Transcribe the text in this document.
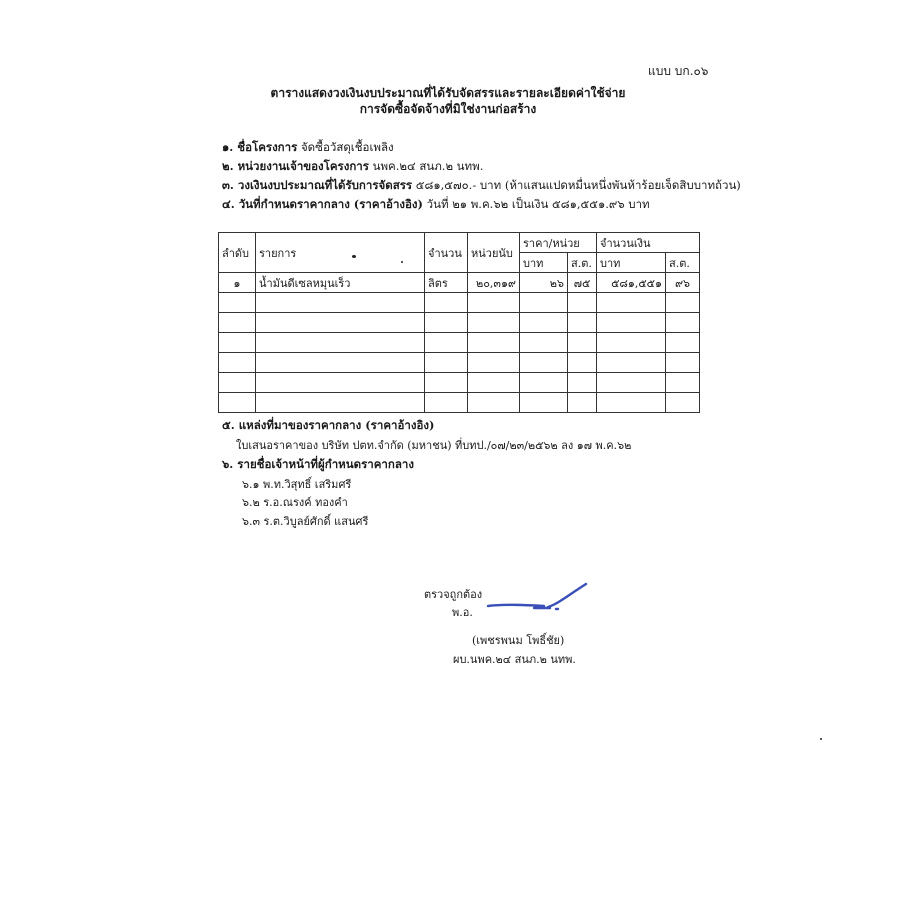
แบบ บก.๐๖
ตารางแสดงวงเงินงบประมาณที่ได้รับจัดสรรและรายละเอียดค่าใช้จ่าย
การจัดซื้อจัดจ้างที่มิใช่งานก่อสร้าง
๑. ชื่อโครงการ จัดซื้อวัสดุเชื้อเพลิง
๒. หน่วยงานเจ้าของโครงการ นพค.๒๔ สนภ.๒ นทพ.
๓. วงเงินงบประมาณที่ได้รับการจัดสรร ๕๘๑,๕๗๐.- บาท (ห้าแสนแปดหมื่นหนึ่งพันห้าร้อยเจ็ดสิบบาทถ้วน)
๔. วันที่กำหนดราคากลาง (ราคาอ้างอิง) วันที่ ๒๑ พ.ค.๖๒ เป็นเงิน ๕๘๑,๕๕๑.๙๖ บาท
ลำดับ	รายการ	จำนวน	หน่วยนับ	ราคา/หน่วย		จำนวนเงิน	
				บาท	ส.ต.	บาท	ส.ต.
๑	น้ำมันดีเซลหมุนเร็ว	ลิตร	๒๐,๓๑๙	๒๖	๗๕	๕๘๑,๕๕๑	๙๖

๕. แหล่งที่มาของราคากลาง (ราคาอ้างอิง)
ใบเสนอราคาของ บริษัท ปตท.จำกัด (มหาชน) ที่บทป./๐๗/๒๓/๒๕๖๒ ลง ๑๗ พ.ค.๖๒
๖. รายชื่อเจ้าหน้าที่ผู้กำหนดราคากลาง
๖.๑ พ.ท.วิสุทธิ์ เสริมศรี
๖.๒ ร.อ.ณรงค์ ทองคำ
๖.๓ ร.ต.วิบูลย์ศักดิ์ แสนศรี
ตรวจถูกต้อง
พ.อ.
(เพชรพนม โพธิ์ชัย)
ผบ.นพค.๒๔ สนภ.๒ นทพ.
